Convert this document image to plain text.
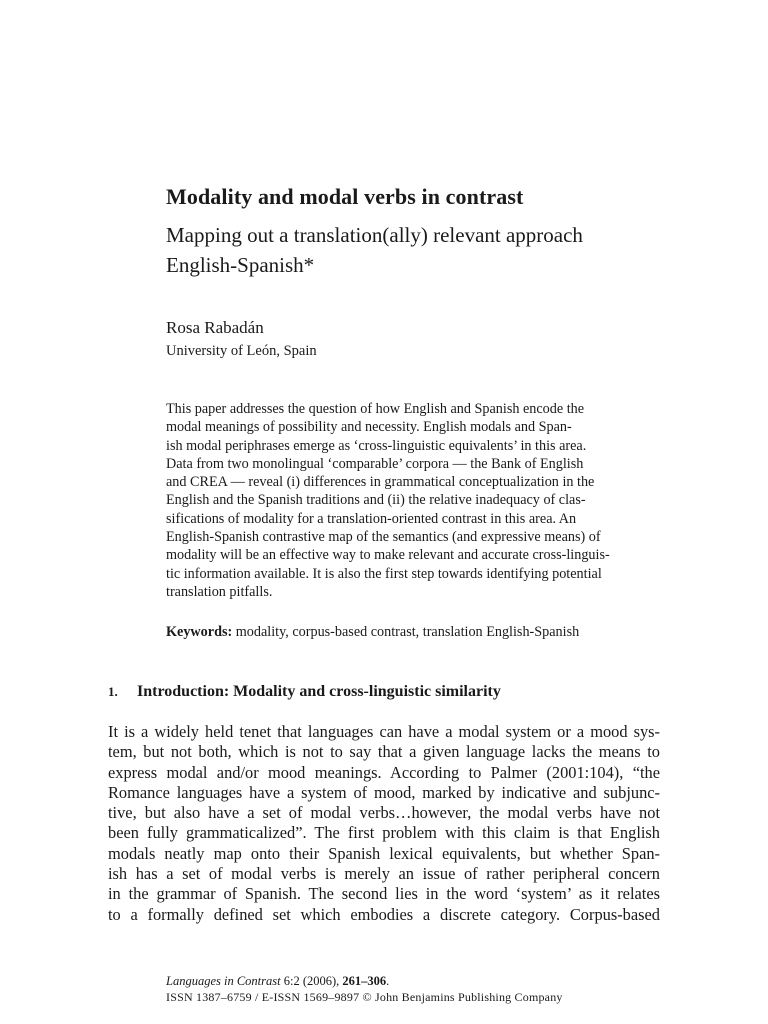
Modality and modal verbs in contrast
Mapping out a translation(ally) relevant approach
English-Spanish*

Rosa Rabadán

University of León, Spain

This paper addresses the question of how English and Spanish encode the
modal meanings of possibility and necessity. English modals and Span-
ish modal periphrases emerge as ‘cross-linguistic equivalents’ in this area.
Data from two monolingual ‘comparable’ corpora — the Bank of English
and CREA — reveal (i) differences in grammatical conceptualization in the
English and the Spanish traditions and (ii) the relative inadequacy of clas-
sifications of modality for a translation-oriented contrast in this area. An
English-Spanish contrastive map of the semantics (and expressive means) of
modality will be an effective way to make relevant and accurate cross-linguis-
tic information available. It is also the first step towards identifying potential
translation pitfalls.

Keywords: modality, corpus-based contrast, translation English-Spanish

1. Introduction: Modality and cross-linguistic similarity
It is a widely held tenet that languages can have a modal system or a mood sys-
tem, but not both, which is not to say that a given language lacks the means to
express modal and/or mood meanings. According to Palmer (2001:104), “the
Romance languages have a system of mood, marked by indicative and subjunc-
tive, but also have a set of modal verbs…however, the modal verbs have not
been fully grammaticalized”. The first problem with this claim is that English
modals neatly map onto their Spanish lexical equivalents, but whether Span-
ish has a set of modal verbs is merely an issue of rather peripheral concern
in the grammar of Spanish. The second lies in the word ‘system’ as it relates
to a formally defined set which embodies a discrete category. Corpus-based
Languages in Contrast 6:2 (2006), 261–306.
ISSN 1387–6759 / E-ISSN 1569–9897 © John Benjamins Publishing Company
